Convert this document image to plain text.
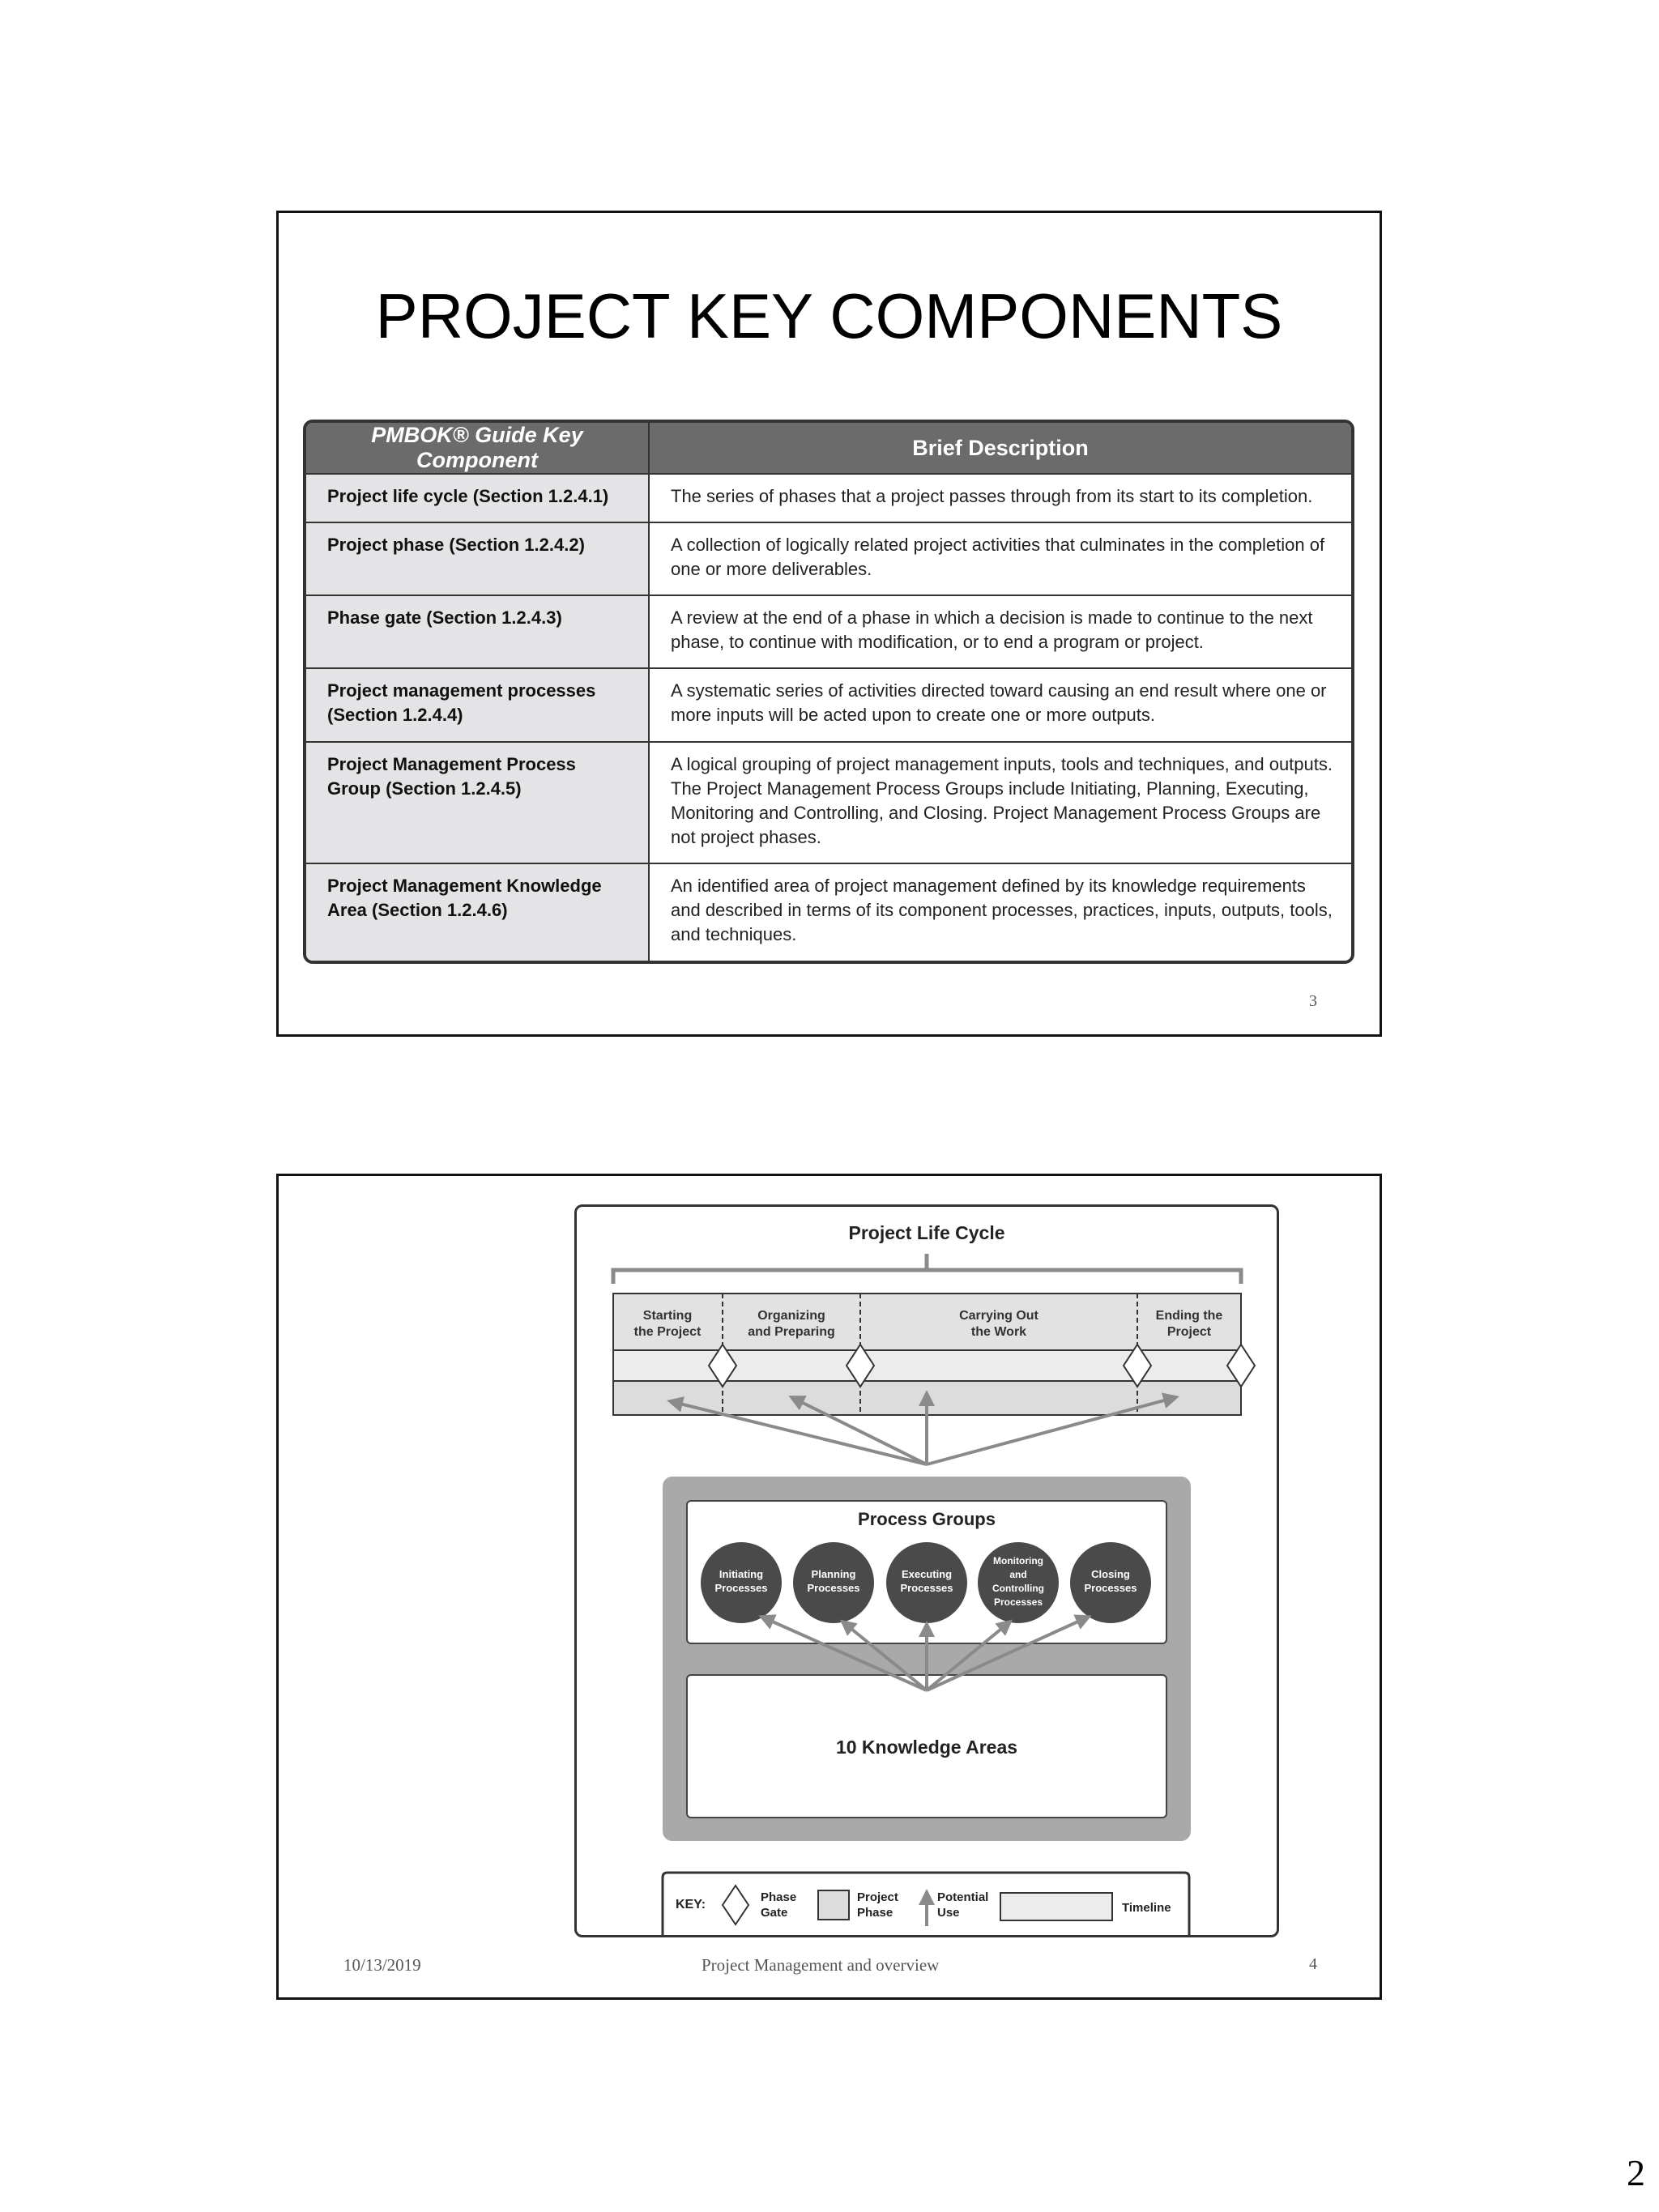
PROJECT KEY COMPONENTS
PMBOK® Guide Key Component	Brief Description
Project life cycle (Section 1.2.4.1)	The series of phases that a project passes through from its start to its completion.
Project phase (Section 1.2.4.2)	A collection of logically related project activities that culminates in the completion of one or more deliverables.
Phase gate (Section 1.2.4.3)	A review at the end of a phase in which a decision is made to continue to the next phase, to continue with modification, or to end a program or project.
Project management processes (Section 1.2.4.4)	A systematic series of activities directed toward causing an end result where one or more inputs will be acted upon to create one or more outputs.
Project Management Process Group (Section 1.2.4.5)	A logical grouping of project management inputs, tools and techniques, and outputs. The Project Management Process Groups include Initiating, Planning, Executing, Monitoring and Controlling, and Closing. Project Management Process Groups are not project phases.
Project Management Knowledge Area (Section 1.2.4.6)	An identified area of project management defined by its knowledge requirements and described in terms of its component processes, practices, inputs, outputs, tools, and techniques.
3
Project Life Cycle
Starting
the Project
Organizing
and Preparing
Carrying Out
the Work
Ending the
Project
Process Groups
Initiating
Processes
Planning
Processes
Executing
Processes
Monitoring
and
Controlling
Processes
Closing
Processes
10 Knowledge Areas
KEY:
Phase
Gate
Project
Phase
Potential
Use	Timeline
10/13/2019	Project Management and overview	4
2
